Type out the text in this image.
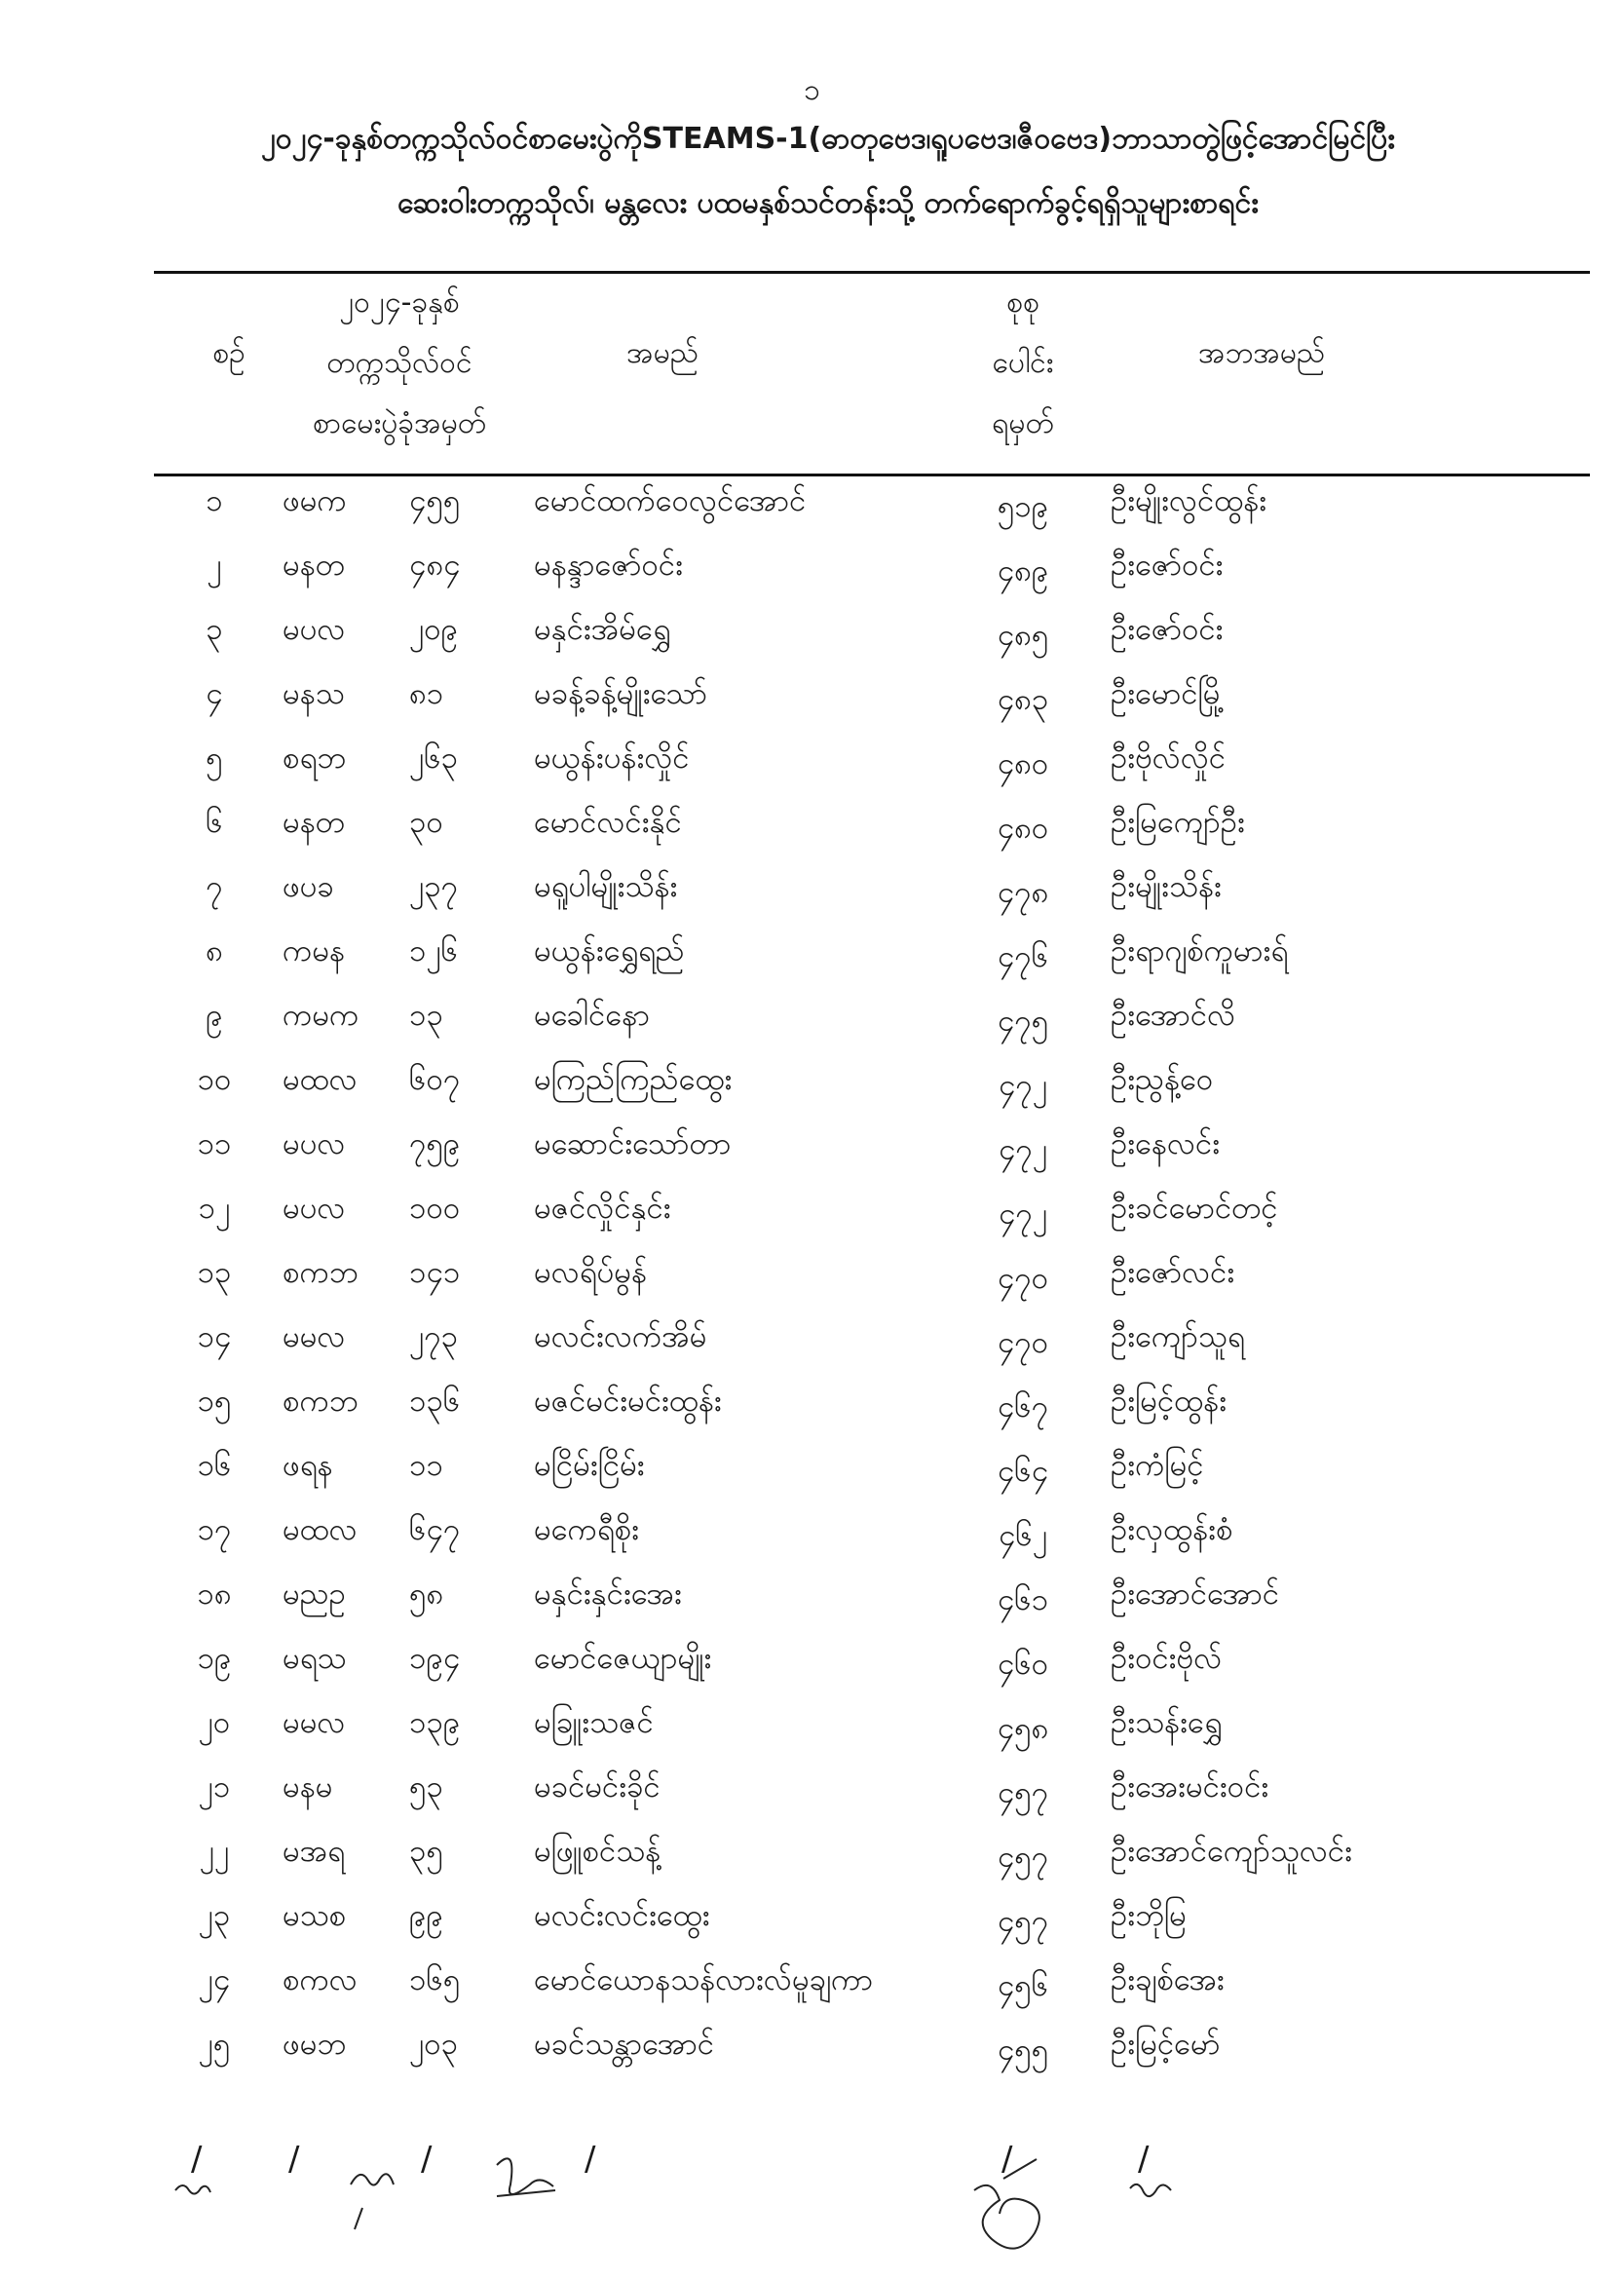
၁
၂၀၂၄-ခုနှစ်တက္ကသိုလ်ဝင်စာမေးပွဲကိုSTEAMS-1(ဓာတုဗေဒ၊ရူပဗေဒ၊ဇီဝဗေဒ)ဘာသာတွဲဖြင့်အောင်မြင်ပြီး
ဆေးဝါးတက္ကသိုလ်၊ မန္တလေး ပထမနှစ်သင်တန်းသို့ တက်ရောက်ခွင့်ရရှိသူများစာရင်း
စဉ်
၂၀၂၄-ခုနှစ်
တက္ကသိုလ်ဝင်
စာမေးပွဲခုံအမှတ်
အမည်
စုစု
ပေါင်း
ရမှတ်
အဘအမည်
၁	ဖမက ၄၅၅ မောင်ထက်ဝေလွင်အောင်	၅၁၉	ဦးမျိုးလွင်ထွန်း
၂	မနတ ၄၈၄ မနန္ဒာဇော်ဝင်း	၄၈၉	ဦးဇော်ဝင်း
၃	မပလ ၂၀၉	မနှင်းအိမ်ရွှေ	၄၈၅	ဦးဇော်ဝင်း
၄	မနသ ၈၁	မခန့်ခန့်မျိုးသော်	၄၈၃	ဦးမောင်မြို့
၅	စရဘ ၂၆၃	မယွန်းပန်းလှိုင်	၄၈၀	ဦးဗိုလ်လှိုင်
၆	မနတ ၃၀	မောင်လင်းနိုင်	၄၈၀	ဦးမြကျော်ဦး
၇	ဖပခ ၂၃၇	မရူပါမျိုးသိန်း	၄၇၈	ဦးမျိုးသိန်း
၈	ကမန ၁၂၆	မယွန်းရွှေရည်	၄၇၆	ဦးရာဂျစ်ကူမားရ်
၉	ကမက ၁၃	မခေါင်နော	၄၇၅	ဦးအောင်လိ
၁၀	မထလ ၆၀၇ မကြည်ကြည်ထွေး	၄၇၂	ဦးညွန့်ဝေ
၁၁	မပလ ၇၅၉ မဆောင်းသော်တာ	၄၇၂	ဦးနေလင်း
၁၂	မပလ ၁၀၀ မဇင်လှိုင်နှင်း	၄၇၂	ဦးခင်မောင်တင့်
၁၃	စကဘ ၁၄၁ မလရိပ်မွန်	၄၇၀	ဦးဇော်လင်း
၁၄	မမလ ၂၇၃	မလင်းလက်အိမ်	၄၇၀	ဦးကျော်သူရ
၁၅	စကဘ ၁၃၆ မဇင်မင်းမင်းထွန်း	၄၆၇	ဦးမြင့်ထွန်း
၁၆	ဖရန	၁၁	မငြိမ်းငြိမ်း	၄၆၄	ဦးကံမြင့်
၁၇	မထလ ၆၄၇ မကေရီစိုး	၄၆၂	ဦးလှထွန်းစံ
၁၈	မညဥ ၅၈	မနှင်းနှင်းအေး	၄၆၁	ဦးအောင်အောင်
၁၉	မရသ ၁၉၄ မောင်ဇေယျာမျိုး	၄၆၀	ဦးဝင်းဗိုလ်
၂၀	မမလ ၁၃၉ မခြူးသဇင်	၄၅၈	ဦးသန်းရွှေ
၂၁	မနမ	၅၃	မခင်မင်းခိုင်	၄၅၇	ဦးအေးမင်းဝင်း
၂၂	မအရ ၃၅	မဖြူစင်သန့်	၄၅၇	ဦးအောင်ကျော်သူလင်း
၂၃	မသစ ၉၉	မလင်းလင်းထွေး	၄၅၇	ဦးဘိုမြ
၂၄	စကလ ၁၆၅ မောင်ယောနသန်လားလ်မူချကာ	၄၅၆	ဦးချစ်အေး
၂၅	ဖမဘ ၂၀၃	မခင်သန္တာအောင်	၄၅၅	ဦးမြင့်မော်
/	/	/	/	/	/
